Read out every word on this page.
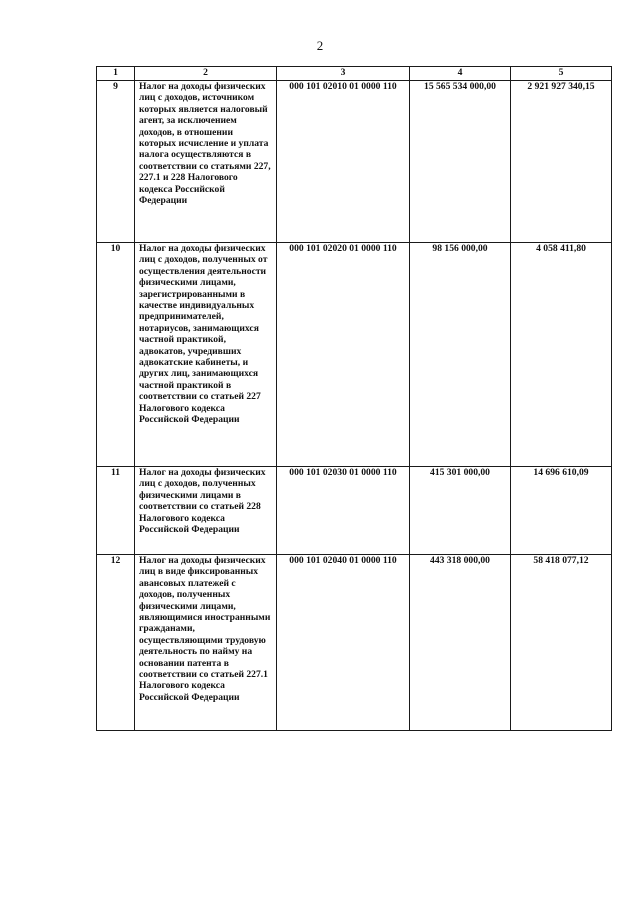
2
1	2	3	4	5
9	Налог на доходы физических лиц с доходов, источником которых является налоговый агент, за исключением доходов, в отношении которых исчисление и уплата налога осуществляются в соответствии со статьями 227, 227.1 и 228 Налогового кодекса Российской Федерации	000 101 02010 01 0000 110	15 565 534 000,00	2 921 927 340,15
10	Налог на доходы физических лиц с доходов, полученных от осуществления деятельности физическими лицами, зарегистрированными в качестве индивидуальных предпринимателей, нотариусов, занимающихся частной практикой, адвокатов, учредивших адвокатские кабинеты, и других лиц, занимающихся частной практикой в соответствии со статьей 227 Налогового кодекса Российской Федерации	000 101 02020 01 0000 110	98 156 000,00	4 058 411,80
11	Налог на доходы физических лиц с доходов, полученных физическими лицами в соответствии со статьей 228 Налогового кодекса Российской Федерации	000 101 02030 01 0000 110	415 301 000,00	14 696 610,09
12	Налог на доходы физических лиц в виде фиксированных авансовых платежей с доходов, полученных физическими лицами, являющимися иностранными гражданами, осуществляющими трудовую деятельность по найму на основании патента в соответствии со статьей 227.1 Налогового кодекса Российской Федерации	000 101 02040 01 0000 110	443 318 000,00	58 418 077,12
